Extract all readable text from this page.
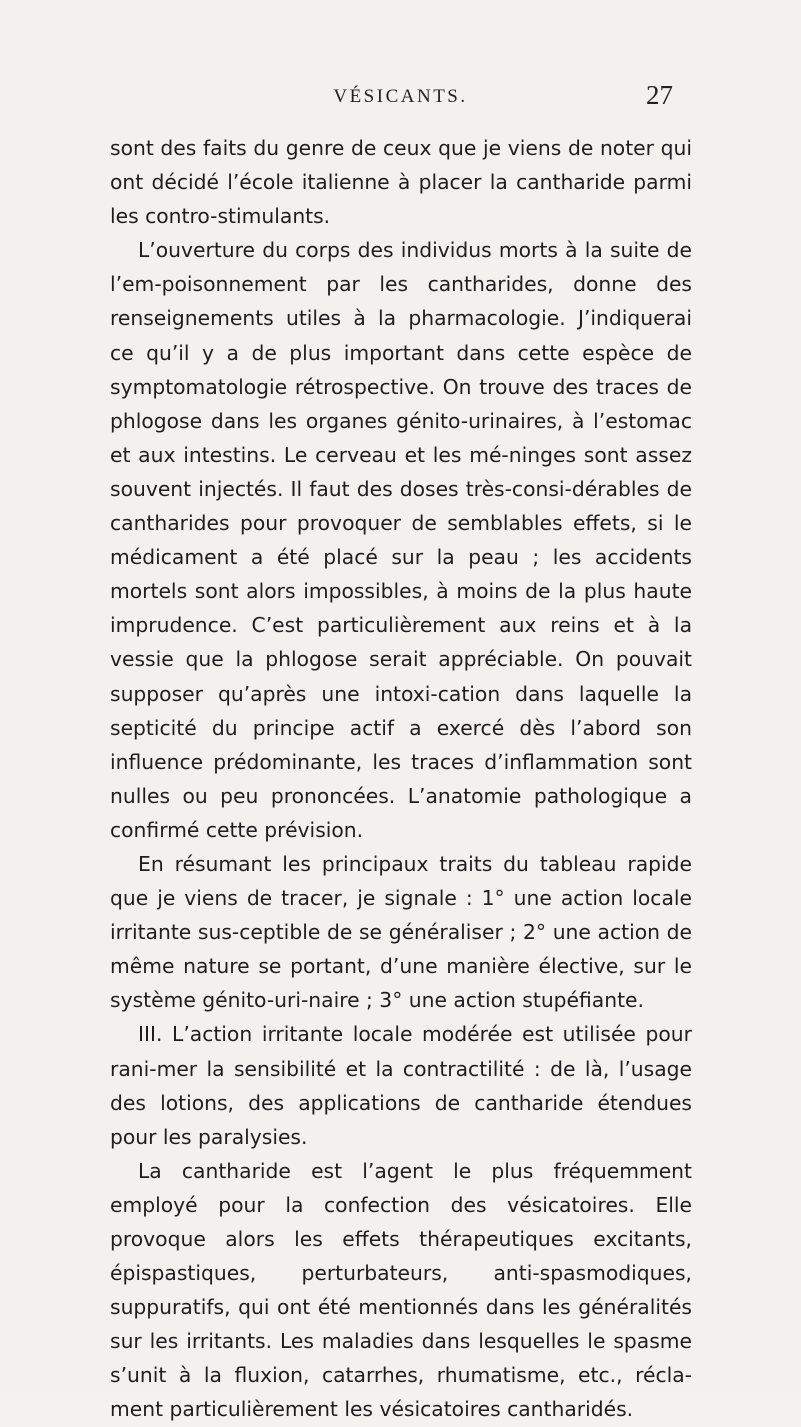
VÉSICANTS.	27

sont des faits du genre de ceux que je viens de noter qui ont décidé l’école italienne à placer la cantharide parmi les contro-stimulants.

L’ouverture du corps des individus morts à la suite de l’em-poisonnement par les cantharides, donne des renseignements utiles à la pharmacologie. J’indiquerai ce qu’il y a de plus important dans cette espèce de symptomatologie rétrospective. On trouve des traces de phlogose dans les organes génito-urinaires, à l’estomac et aux intestins. Le cerveau et les mé-ninges sont assez souvent injectés. Il faut des doses très-consi-dérables de cantharides pour provoquer de semblables effets, si le médicament a été placé sur la peau ; les accidents mortels sont alors impossibles, à moins de la plus haute imprudence. C’est particulièrement aux reins et à la vessie que la phlogose serait appréciable. On pouvait supposer qu’après une intoxi-cation dans laquelle la septicité du principe actif a exercé dès l’abord son influence prédominante, les traces d’inflammation sont nulles ou peu prononcées. L’anatomie pathologique a confirmé cette prévision.

En résumant les principaux traits du tableau rapide que je viens de tracer, je signale : 1° une action locale irritante sus-ceptible de se généraliser ; 2° une action de même nature se portant, d’une manière élective, sur le système génito-uri-naire ; 3° une action stupéfiante.

III. L’action irritante locale modérée est utilisée pour rani-mer la sensibilité et la contractilité : de là, l’usage des lotions, des applications de cantharide étendues pour les paralysies.

La cantharide est l’agent le plus fréquemment employé pour la confection des vésicatoires. Elle provoque alors les effets thérapeutiques excitants, épispastiques, perturbateurs, anti-spasmodiques, suppuratifs, qui ont été mentionnés dans les généralités sur les irritants. Les maladies dans lesquelles le spasme s’unit à la fluxion, catarrhes, rhumatisme, etc., récla-ment particulièrement les vésicatoires cantharidés.
